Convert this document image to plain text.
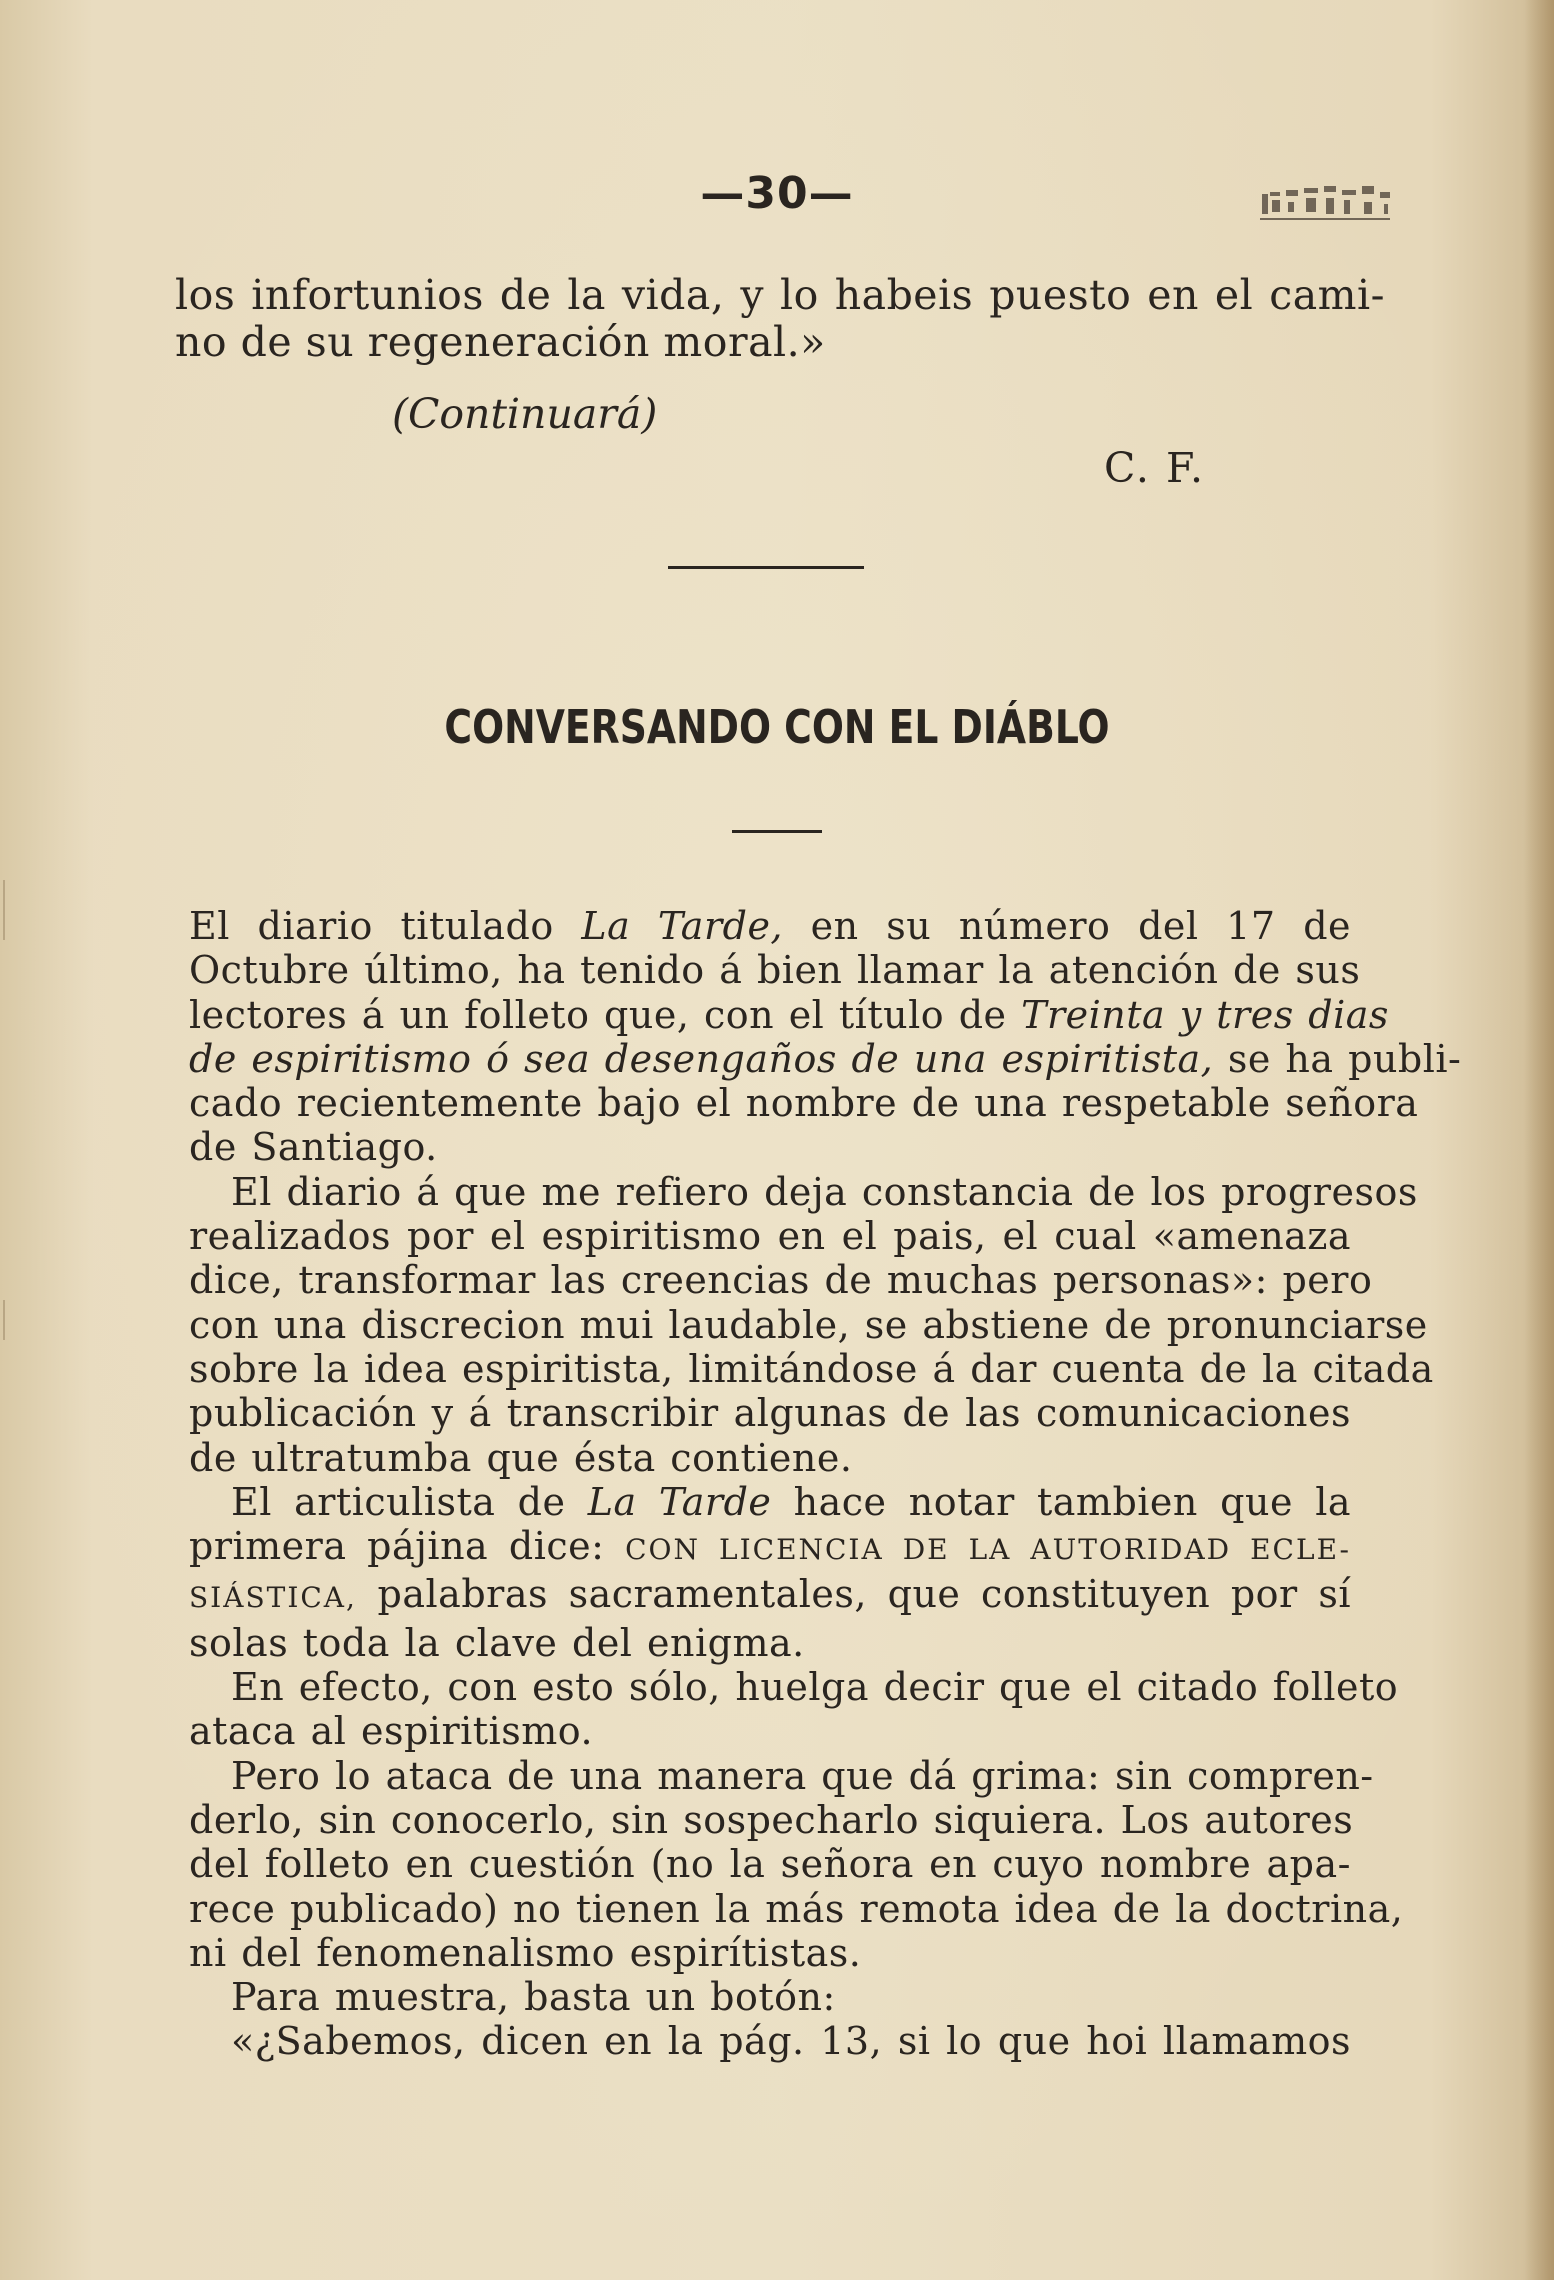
—30—
los infortunios de la vida, y lo habeis puesto en el cami-
no de su regeneración moral.»
(Continuará)
C. F.
CONVERSANDO CON EL DIÁBLO
El diario titulado La Tarde, en su número del 17 de
Octubre último, ha tenido á bien llamar la atención de sus
lectores á un folleto que, con el título de Treinta y tres dias
de espiritismo ó sea desengaños de una espiritista, se ha publi-
cado recientemente bajo el nombre de una respetable señora
de Santiago.
El diario á que me refiero deja constancia de los progresos
realizados por el espiritismo en el pais, el cual «amenaza
dice, transformar las creencias de muchas personas»: pero
con una discrecion mui laudable, se abstiene de pronunciarse
sobre la idea espiritista, limitándose á dar cuenta de la citada
publicación y á transcribir algunas de las comunicaciones
de ultratumba que ésta contiene.
El articulista de La Tarde hace notar tambien que la
primera pájina dice: CON LICENCIA DE LA AUTORIDAD ECLE-
SIÁSTICA, palabras sacramentales, que constituyen por sí
solas toda la clave del enigma.
En efecto, con esto sólo, huelga decir que el citado folleto
ataca al espiritismo.
Pero lo ataca de una manera que dá grima: sin compren-
derlo, sin conocerlo, sin sospecharlo siquiera. Los autores
del folleto en cuestión (no la señora en cuyo nombre apa-
rece publicado) no tienen la más remota idea de la doctrina,
ni del fenomenalismo espirítistas.
Para muestra, basta un botón:
«¿Sabemos, dicen en la pág. 13, si lo que hoi llamamos
